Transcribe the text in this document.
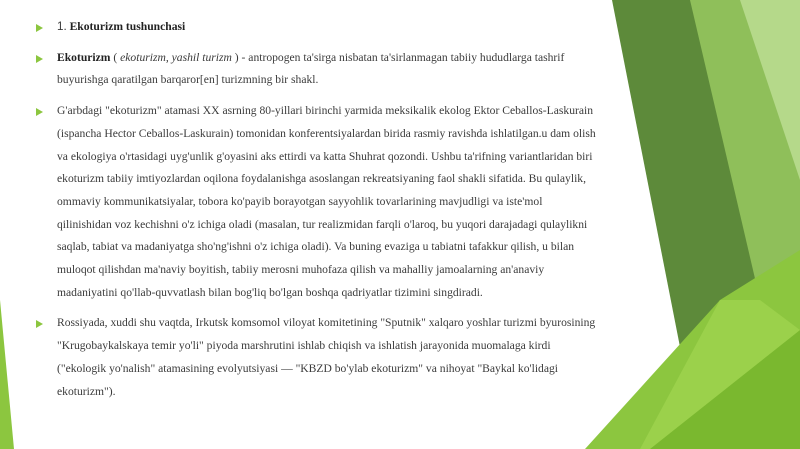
1. Ekoturizm tushunchasi

Ekoturizm ( ekoturizm, yashil turizm ) - antropogen ta'sirga nisbatan ta'sirlanmagan tabiiy hududlarga tashrif buyurishga qaratilgan barqaror[en] turizmning bir shakl.

G'arbdagi "ekoturizm" atamasi XX asrning 80-yillari birinchi yarmida meksikalik ekolog Ektor Ceballos-Laskurain (ispancha Hector Ceballos-Laskurain) tomonidan konferentsiyalardan birida rasmiy ravishda ishlatilgan.u dam olish va ekologiya o'rtasidagi uyg'unlik g'oyasini aks ettirdi va katta Shuhrat qozondi. Ushbu ta'rifning variantlaridan biri ekoturizm tabiiy imtiyozlardan oqilona foydalanishga asoslangan rekreatsiyaning faol shakli sifatida. Bu qulaylik, ommaviy kommunikatsiyalar, tobora ko'payib borayotgan sayyohlik tovarlarining mavjudligi va iste'mol qilinishidan voz kechishni o'z ichiga oladi (masalan, tur realizmidan farqli o'laroq, bu yuqori darajadagi qulaylikni saqlab, tabiat va madaniyatga sho'ng'ishni o'z ichiga oladi). Va buning evaziga u tabiatni tafakkur qilish, u bilan muloqot qilishdan ma'naviy boyitish, tabiiy merosni muhofaza qilish va mahalliy jamoalarning an'anaviy madaniyatini qo'llab-quvvatlash bilan bog'liq bo'lgan boshqa qadriyatlar tizimini singdiradi.

Rossiyada, xuddi shu vaqtda, Irkutsk komsomol viloyat komitetining "Sputnik" xalqaro yoshlar turizmi byurosining "Krugobaykalskaya temir yo'li" piyoda marshrutini ishlab chiqish va ishlatish jarayonida muomalaga kirdi ("ekologik yo'nalish" atamasining evolyutsiyasi — "KBZD bo'ylab ekoturizm" va nihoyat "Baykal ko'lidagi ekoturizm").
